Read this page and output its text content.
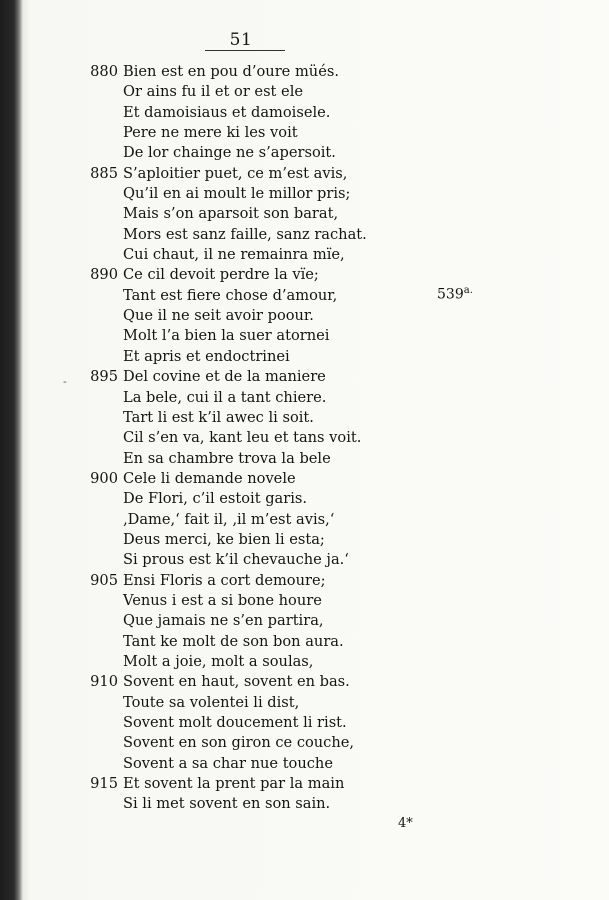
51
-
880 Bien est en pou d’oure müés.
Or ains fu il et or est ele
Et damoisiaus et damoisele.
Pere ne mere ki les voit
De lor chainge ne s’apersoit.
885 S’aploitier puet, ce m’est avis,
Qu’il en ai moult le millor pris;
Mais s’on aparsoit son barat,
Mors est sanz faille, sanz rachat.
Cui chaut, il ne remainra mïe,
890 Ce cil devoit perdre la vïe;
Tant est fiere chose d’amour,
Que il ne seit avoir poour.
Molt l’a bien la suer atornei
Et apris et endoctrinei
895 Del covine et de la maniere
La bele, cui il a tant chiere.
Tart li est k’il awec li soit.
Cil s’en va, kant leu et tans voit.
En sa chambre trova la bele
900 Cele li demande novele
De Flori, c’il estoit garis.
‚Dame,‘ fait il, ‚il m’est avis,‘
Deus merci, ke bien li esta;
Si prous est k’il chevauche ja.‘
905 Ensi Floris a cort demoure;
Venus i est a si bone houre
Que jamais ne s’en partira,
Tant ke molt de son bon aura.
Molt a joie, molt a soulas,
910 Sovent en haut, sovent en bas.
Toute sa volentei li dist,
Sovent molt doucement li rist.
Sovent en son giron ce couche,
Sovent a sa char nue touche
915 Et sovent la prent par la main
Si li met sovent en son sain.
$539^{a.}$
4*
